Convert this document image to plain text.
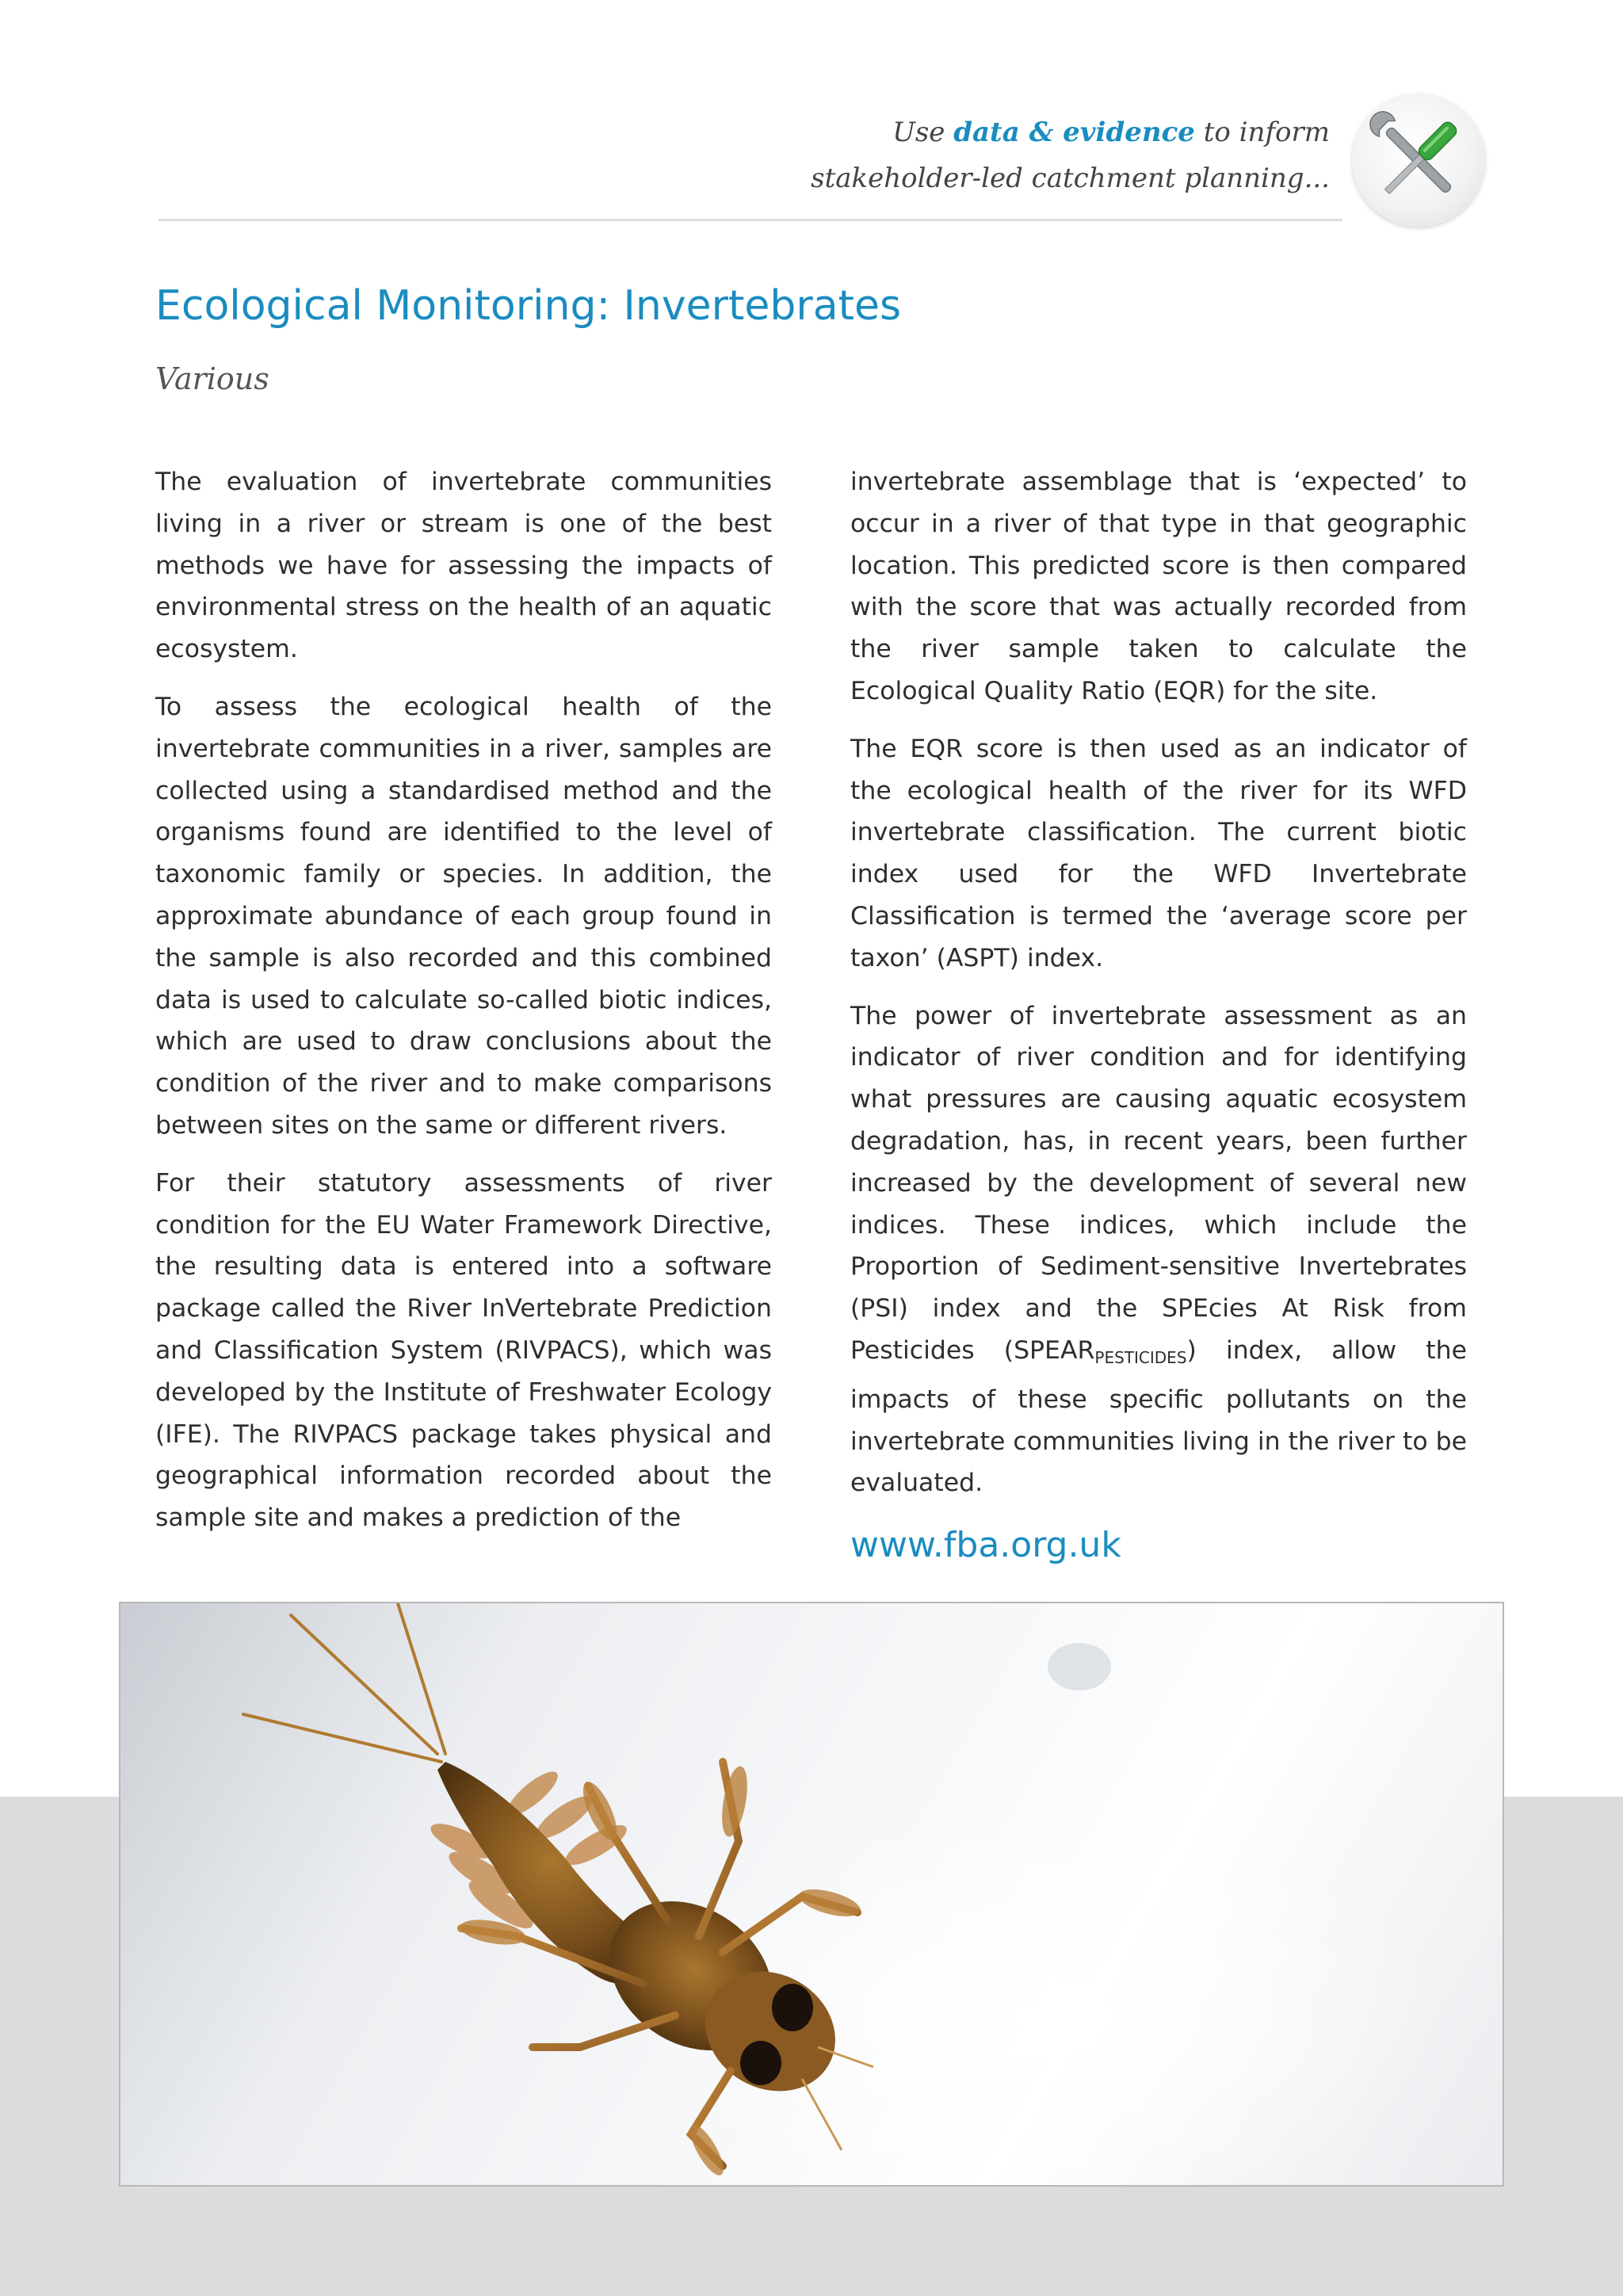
Use data & evidence to inform
stakeholder-led catchment planning...
Ecological Monitoring: Invertebrates
Various

The evaluation of invertebrate communities living in a river or stream is one of the best methods we have for assessing the impacts of environmental stress on the health of an aquatic ecosystem.

To assess the ecological health of the invertebrate communities in a river, samples are collected using a standardised method and the organisms found are identified to the level of taxonomic family or species. In addition, the approximate abundance of each group found in the sample is also recorded and this combined data is used to calculate so-called biotic indices, which are used to draw conclusions about the condition of the river and to make comparisons between sites on the same or different rivers.

For their statutory assessments of river condition for the EU Water Framework Directive, the resulting data is entered into a software package called the River InVertebrate Prediction and Classification System (RIVPACS), which was developed by the Institute of Freshwater Ecology (IFE). The RIVPACS package takes physical and geographical information recorded about the sample site and makes a prediction of the

invertebrate assemblage that is ‘expected’ to occur in a river of that type in that geographic location. This predicted score is then compared with the score that was actually recorded from the river sample taken to calculate the Ecological Quality Ratio (EQR) for the site.

The EQR score is then used as an indicator of the ecological health of the river for its WFD invertebrate classification. The current biotic index used for the WFD Invertebrate Classification is termed the ‘average score per taxon’ (ASPT) index.

The power of invertebrate assessment as an indicator of river condition and for identifying what pressures are causing aquatic ecosystem degradation, has, in recent years, been further increased by the development of several new indices. These indices, which include the Proportion of Sediment-sensitive Invertebrates (PSI) index and the SPEcies At Risk from Pesticides $(SPEAR_{PESTICIDES})$ index, allow the impacts of these specific pollutants on the invertebrate communities living in the river to be evaluated.

www.fba.org.uk
